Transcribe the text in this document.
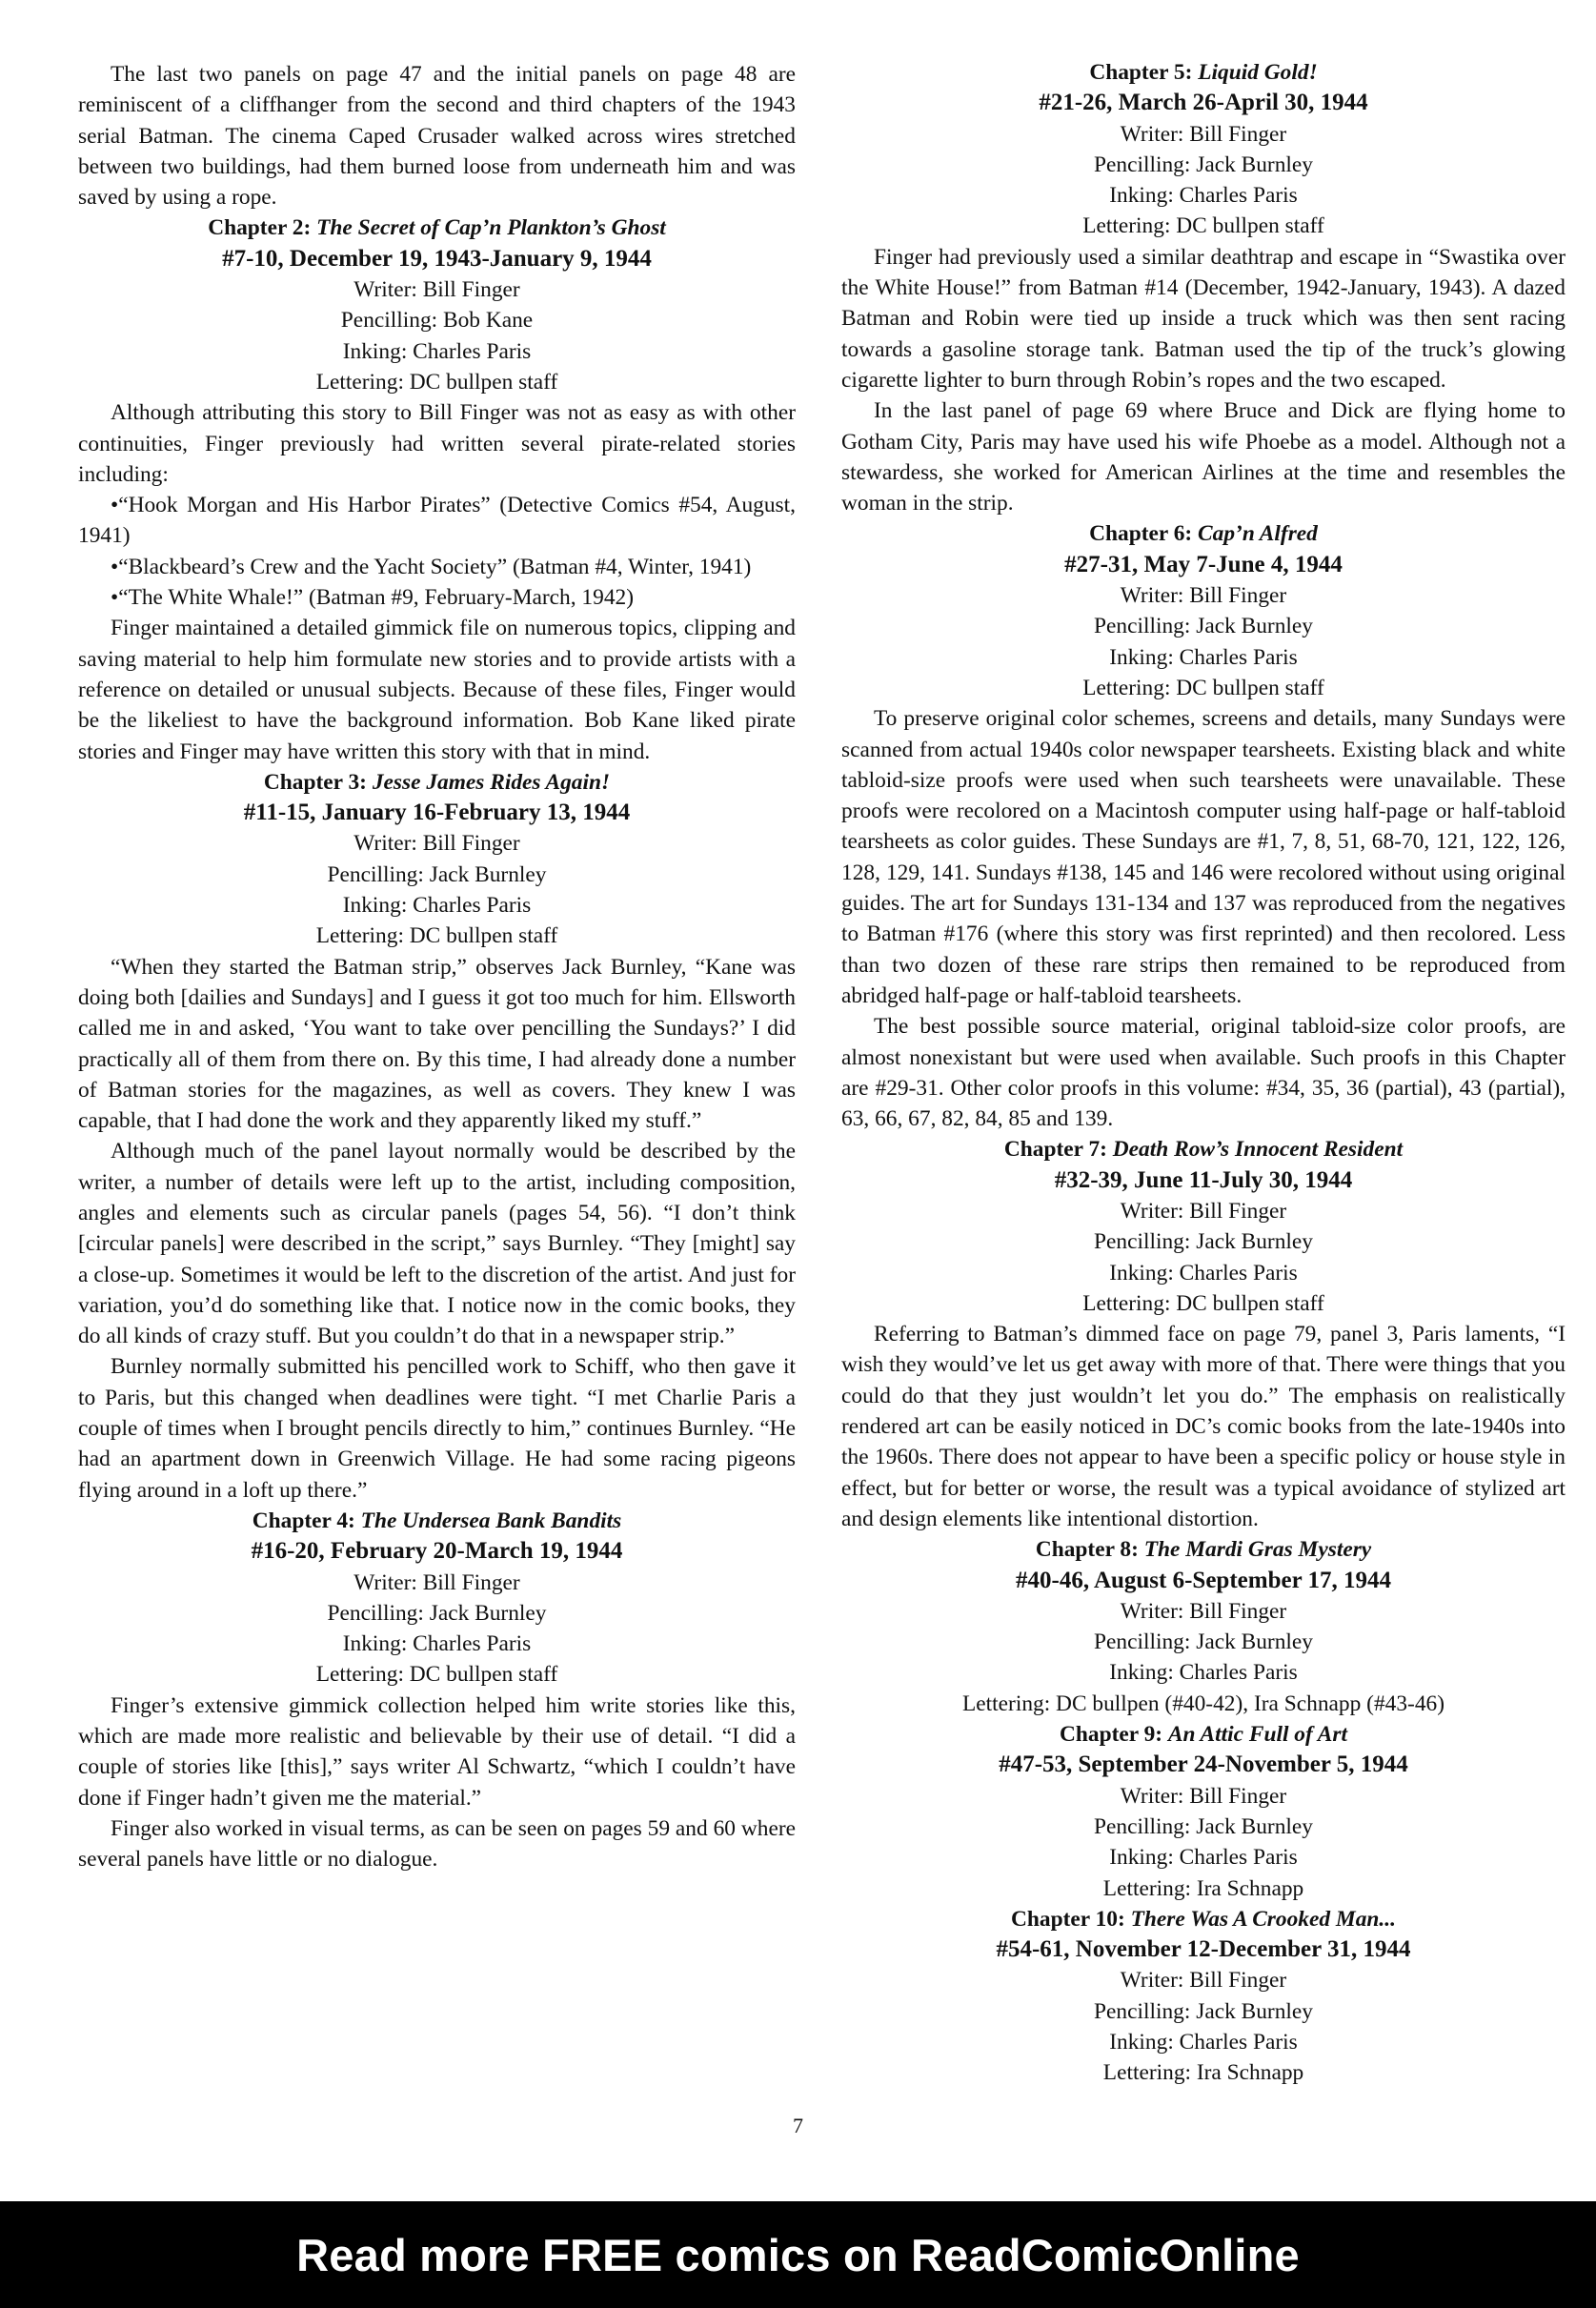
The last two panels on page 47 and the initial panels on page 48 are reminiscent of a cliffhanger from the second and third chapters of the 1943 serial Batman. The cinema Caped Crusader walked across wires stretched between two buildings, had them burned loose from underneath him and was saved by using a rope.

Chapter 2: The Secret of Cap’n Plankton’s Ghost
#7-10, December 19, 1943-January 9, 1944
Writer: Bill Finger
Pencilling: Bob Kane
Inking: Charles Paris
Lettering: DC bullpen staff

Although attributing this story to Bill Finger was not as easy as with other continuities, Finger previously had written several pirate-related stories including:

•“Hook Morgan and His Harbor Pirates” (Detective Comics #54, August, 1941)

•“Blackbeard’s Crew and the Yacht Society” (Batman #4, Winter, 1941)

•“The White Whale!” (Batman #9, February-March, 1942)

Finger maintained a detailed gimmick file on numerous topics, clipping and saving material to help him formulate new stories and to provide artists with a reference on detailed or unusual subjects. Because of these files, Finger would be the likeliest to have the background information. Bob Kane liked pirate stories and Finger may have written this story with that in mind.

Chapter 3: Jesse James Rides Again!
#11-15, January 16-February 13, 1944
Writer: Bill Finger
Pencilling: Jack Burnley
Inking: Charles Paris
Lettering: DC bullpen staff

“When they started the Batman strip,” observes Jack Burnley, “Kane was doing both [dailies and Sundays] and I guess it got too much for him. Ellsworth called me in and asked, ‘You want to take over pencilling the Sundays?’ I did practically all of them from there on. By this time, I had already done a number of Batman stories for the magazines, as well as covers. They knew I was capable, that I had done the work and they apparently liked my stuff.”

Although much of the panel layout normally would be described by the writer, a number of details were left up to the artist, including composition, angles and elements such as circular panels (pages 54, 56). “I don’t think [circular panels] were described in the script,” says Burnley. “They [might] say a close-up. Sometimes it would be left to the discretion of the artist. And just for variation, you’d do something like that. I notice now in the comic books, they do all kinds of crazy stuff. But you couldn’t do that in a newspaper strip.”

Burnley normally submitted his pencilled work to Schiff, who then gave it to Paris, but this changed when deadlines were tight. “I met Charlie Paris a couple of times when I brought pencils directly to him,” continues Burnley. “He had an apartment down in Greenwich Village. He had some racing pigeons flying around in a loft up there.”

Chapter 4: The Undersea Bank Bandits
#16-20, February 20-March 19, 1944
Writer: Bill Finger
Pencilling: Jack Burnley
Inking: Charles Paris
Lettering: DC bullpen staff

Finger’s extensive gimmick collection helped him write stories like this, which are made more realistic and believable by their use of detail. “I did a couple of stories like [this],” says writer Al Schwartz, “which I couldn’t have done if Finger hadn’t given me the material.”

Finger also worked in visual terms, as can be seen on pages 59 and 60 where several panels have little or no dialogue.

Chapter 5: Liquid Gold!
#21-26, March 26-April 30, 1944
Writer: Bill Finger
Pencilling: Jack Burnley
Inking: Charles Paris
Lettering: DC bullpen staff

Finger had previously used a similar deathtrap and escape in “Swastika over the White House!” from Batman #14 (December, 1942-January, 1943). A dazed Batman and Robin were tied up inside a truck which was then sent racing towards a gasoline storage tank. Batman used the tip of the truck’s glowing cigarette lighter to burn through Robin’s ropes and the two escaped.

In the last panel of page 69 where Bruce and Dick are flying home to Gotham City, Paris may have used his wife Phoebe as a model. Although not a stewardess, she worked for American Airlines at the time and resembles the woman in the strip.

Chapter 6: Cap’n Alfred
#27-31, May 7-June 4, 1944
Writer: Bill Finger
Pencilling: Jack Burnley
Inking: Charles Paris
Lettering: DC bullpen staff

To preserve original color schemes, screens and details, many Sundays were scanned from actual 1940s color newspaper tearsheets. Existing black and white tabloid-size proofs were used when such tearsheets were unavailable. These proofs were recolored on a Macintosh computer using half-page or half-tabloid tearsheets as color guides. These Sundays are #1, 7, 8, 51, 68-70, 121, 122, 126, 128, 129, 141. Sundays #138, 145 and 146 were recolored without using original guides. The art for Sundays 131-134 and 137 was reproduced from the negatives to Batman #176 (where this story was first reprinted) and then recolored. Less than two dozen of these rare strips then remained to be reproduced from abridged half-page or half-tabloid tearsheets.

The best possible source material, original tabloid-size color proofs, are almost nonexistant but were used when available. Such proofs in this Chapter are #29-31. Other color proofs in this volume: #34, 35, 36 (partial), 43 (partial), 63, 66, 67, 82, 84, 85 and 139.

Chapter 7: Death Row’s Innocent Resident
#32-39, June 11-July 30, 1944
Writer: Bill Finger
Pencilling: Jack Burnley
Inking: Charles Paris
Lettering: DC bullpen staff

Referring to Batman’s dimmed face on page 79, panel 3, Paris laments, “I wish they would’ve let us get away with more of that. There were things that you could do that they just wouldn’t let you do.” The emphasis on realistically rendered art can be easily noticed in DC’s comic books from the late-1940s into the 1960s. There does not appear to have been a specific policy or house style in effect, but for better or worse, the result was a typical avoidance of stylized art and design elements like intentional distortion.

Chapter 8: The Mardi Gras Mystery
#40-46, August 6-September 17, 1944
Writer: Bill Finger
Pencilling: Jack Burnley
Inking: Charles Paris
Lettering: DC bullpen (#40-42), Ira Schnapp (#43-46)
Chapter 9: An Attic Full of Art
#47-53, September 24-November 5, 1944
Writer: Bill Finger
Pencilling: Jack Burnley
Inking: Charles Paris
Lettering: Ira Schnapp
Chapter 10: There Was A Crooked Man...
#54-61, November 12-December 31, 1944
Writer: Bill Finger
Pencilling: Jack Burnley
Inking: Charles Paris
Lettering: Ira Schnapp
7
Read more FREE comics on ReadComicOnline
